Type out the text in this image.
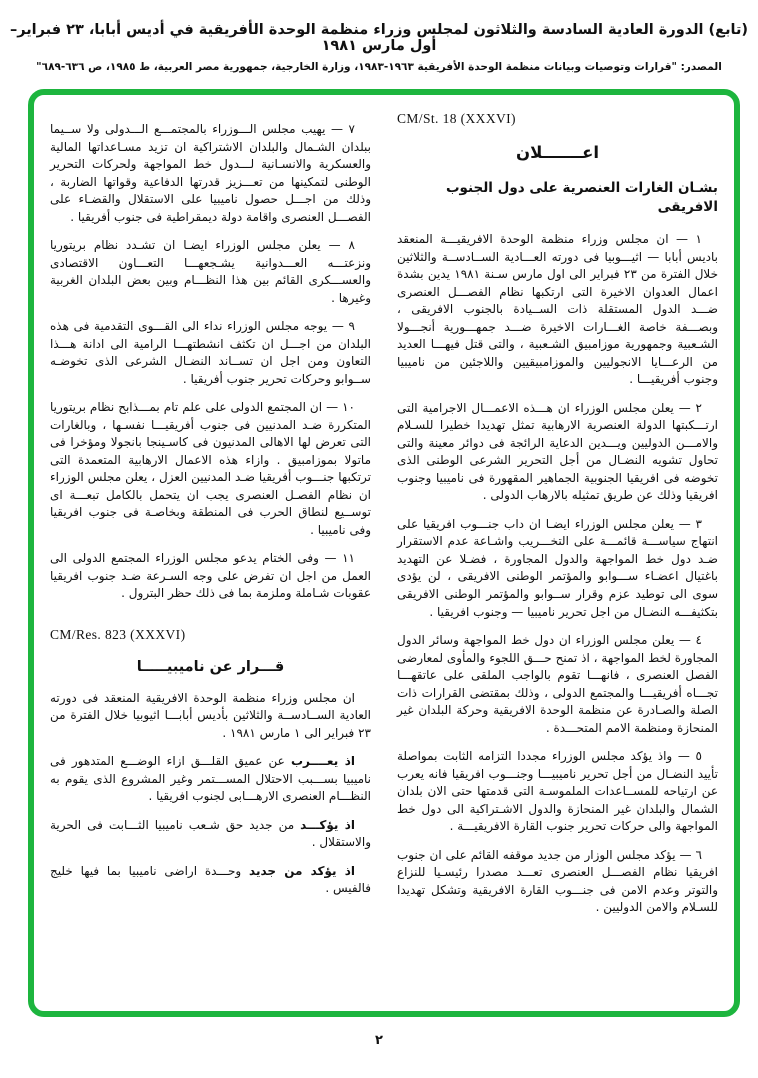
(تابع) الدورة العادية السادسة والثلاثون لمجلس وزراء منظمة الوحدة الأفريقية في أديس أبابا، ٢٣ فبراير– أول مارس ١٩٨١
المصدر: "قرارات وتوصيات وبيانات منظمة الوحدة الأفريقية ١٩٦٣-١٩٨٣، وزارة الخارجية، جمهورية مصر العربية، ط ١٩٨٥، ص ٦٣٦-٦٨٩"
CM/St. 18 (XXXVI)
اعـــــــلان
بشـان الغارات العنصرية على دول الجنوب الافريقى

١ — ان مجلس وزراء منظمة الوحدة الافريقيـــة المنعقد باديس أبابا — اثيـــوبيا فى دورته العـــادية الســادســة والثلاثين خلال الفترة من ٢٣ فبراير الى اول مارس سـنة ١٩٨١ يدين بشدة اعمال العدوان الاخيرة التى ارتكبها نظام الفصـــل العنصرى ضـــد الدول المستقلة ذات الســيادة بالجنوب الافريقى ، وبصـــفة خاصة الغـــارات الاخيرة ضـــد جمهـــورية أنجـــولا الشـعبية وجمهورية موزامبيق الشـعبية ، والتى قتل فيهـــا العديد من الرعـــايا الانجوليين والموزامبيقيين واللاجئين من ناميبيا وجنوب أفريقيـــا .

٢ — يعلن مجلس الوزراء ان هـــذه الاعمـــال الاجرامية التى ارتـــكبتها الدولة العنصرية الارهابية تمثل تهديدا خطيرا للسـلام والامـــن الدوليين ويـــدين الدعاية الرائجة فى دوائر معينة والتى تحاول تشويه النضـال من أجل التحرير الشرعى الوطنى الذى تخوضه فى افريقيا الجنوبية الجماهير المقهورة فى ناميبيا وجنوب افريقيا وذلك عن طريق تمثيله بالارهاب الدولى .

٣ — يعلن مجلس الوزراء ايضـا ان داب جنـــوب افريقيا على انتهاج سياســـة قائمـــة على التخـــريب واشـاعة عدم الاستقرار ضـد دول خط المواجهة والدول المجاورة ، فضـلا عن التهديد باغتيال اعضـاء ســـوابو والمؤتمر الوطنى الافريقى ، لن يؤدى سوى الى توطيد عزم وقرار ســوابو والمؤتمر الوطنى الافريقى بتكثيفـــه النضـال من اجل تحرير ناميبيا — وجنوب افريقيا .

٤ — يعلن مجلس الوزراء ان دول خط المواجهة وسائر الدول المجاورة لخط المواجهة ، اذ تمنح حـــق اللجوء والمأوى لمعارضى الفصل العنصرى ، فانهـــا تقوم بالواجب الملقى على عاتقهـــا تجـــاه أفريقيـــا والمجتمع الدولى ، وذلك بمقتضى القرارات ذات الصلة والصـادرة عن منظمة الوحدة الافريقية وحركة البلدان غير المنحازة ومنظمة الامم المتحـــدة .

٥ — واذ يؤكد مجلس الوزراء مجددا التزامه الثابت بمواصلة تأييد النضـال من أجل تحرير ناميبيـــا وجنـــوب افريقيا فانه يعرب عن ارتياحه للمســاعدات الملموسـة التى قدمتها حتى الان بلدان الشمال والبلدان غير المنحازة والدول الاشـتراكية الى دول خط المواجهة والى حركات تحرير جنوب القارة الافريقيـــة .

٦ — يؤكد مجلس الوزار من جديد موقفه القائم على ان جنوب افريقيا نظام الفصـــل العنصرى تعـــد مصدرا رئيسـيا للنزاع والتوتر وعدم الامن فى جنـــوب القارة الافريقية وتشكل تهديدا للسـلام والامن الدوليين .

٧ — يهيب مجلس الـــوزراء بالمجتمـــع الـــدولى ولا ســيما ببلدان الشـمال والبلدان الاشتراكية ان تزيد مسـاعداتها المالية والعسكرية والانسـانية لـــدول خط المواجهة ولحركات التحرير الوطنى لتمكينها من تعـــزيز قدرتها الدفاعية وقواتها الضاربة ، وذلك من اجـــل حصول ناميبيا على الاستقلال والقضـاء على الفصـــل العنصرى واقامة دولة ديمقراطية فى جنوب أفريقيا .

٨ — يعلن مجلس الوزراء ايضـا ان تشـدد نظام بريتوريا ونزعتـــه العـــدوانية يشـجعهـــا التعـــاون الاقتصادى والعســـكرى القائم بين هذا النظـــام وبين بعض البلدان الغربية وغيرها .

٩ — يوجه مجلس الوزراء نداء الى القـــوى التقدمية فى هذه البلدان من اجـــل ان تكثف انشطتهـــا الرامية الى ادانة هـــذا التعاون ومن اجل ان تســاند النضـال الشرعى الذى تخوضـه ســوابو وحركات تحرير جنوب أفريقيا .

١٠ — ان المجتمع الدولى على علم تام بمـــذابح نظام بريتوريا المتكررة ضـد المدنيين فى جنوب أفريقيـــا نفسـها ، وبالغارات التى تعرض لها الاهالى المدنيون فى كاسـينجا بانجولا ومؤخرا فى ماتولا بموزامبيق . وازاء هذه الاعمال الارهابية المتعمدة التى ترتكبها جنـــوب أفريقيا ضـد المدنيين العزل ، يعلن مجلس الوزراء ان نظام الفصـل العنصرى يجب ان يتحمل بالكامل تبعـــة اى توســيع لنطاق الحرب فى المنطقة وبخاصـة فى جنوب افريقيا وفى ناميبيا .

١١ — وفى الختام يدعو مجلس الوزراء المجتمع الدولى الى العمل من اجل ان تفرض على وجه السـرعة ضـد جنوب افريقيا عقوبات شـاملة وملزمة بما فى ذلك حظر البترول .

CM/Res. 823 (XXXVI)
قـــرار عن ناميبيـــــا

ان مجلس وزراء منظمة الوحدة الافريقية المنعقد فى دورته العادية الســادســة والثلاثين بأديس أبابـــا اثيوبيا خلال الفترة من ٢٣ فبراير الى ١ مارس ١٩٨١ .

اذ يعــــرب عن عميق القلـــق ازاء الوضـــع المتدهور فى ناميبيا بســـبب الاحتلال المســـتمر وغير المشروع الذى يقوم به النظـــام العنصرى الارهـــابى لجنوب افريقيا .

اذ يؤكـــد من جديد حق شـعب ناميبيا الثـــابت فى الحرية والاستقلال .

اذ يؤكد من جديد وحـــدة اراضى ناميبيا بما فيها خليج فالفيس .

٢
